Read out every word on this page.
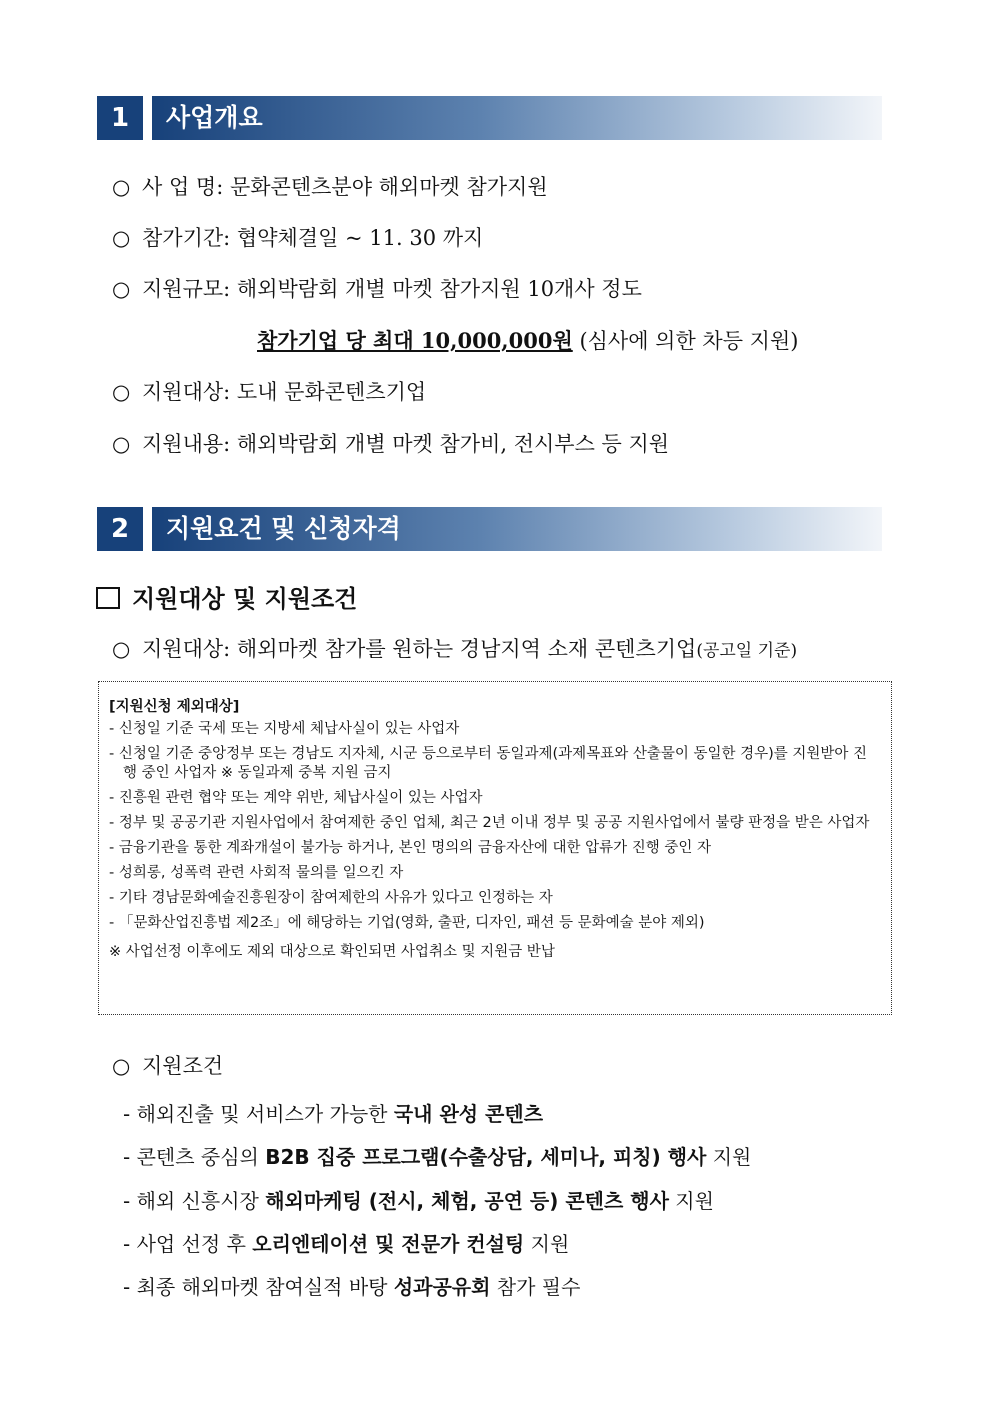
1	사업개요
○ 사 업 명: 문화콘텐츠분야 해외마켓 참가지원
○ 참가기간: 협약체결일 ~ 11. 30 까지
○ 지원규모: 해외박람회 개별 마켓 참가지원 10개사 정도
참가기업 당 최대 10,000,000원 (심사에 의한 차등 지원)
○ 지원대상: 도내 문화콘텐츠기업
○ 지원내용: 해외박람회 개별 마켓 참가비, 전시부스 등 지원
2	지원요건 및 신청자격
지원대상 및 지원조건
○ 지원대상: 해외마켓 참가를 원하는 경남지역 소재 콘텐츠기업(공고일 기준)
[지원신청 제외대상]
- 신청일 기준 국세 또는 지방세 체납사실이 있는 사업자
- 신청일 기준 중앙정부 또는 경남도 지자체, 시군 등으로부터 동일과제(과제목표와 산출물이 동일한 경우)를 지원받아 진행 중인 사업자 ※ 동일과제 중복 지원 금지
- 진흥원 관련 협약 또는 계약 위반, 체납사실이 있는 사업자
- 정부 및 공공기관 지원사업에서 참여제한 중인 업체, 최근 2년 이내 정부 및 공공 지원사업에서 불량 판정을 받은 사업자
- 금융기관을 통한 계좌개설이 불가능 하거나, 본인 명의의 금융자산에 대한 압류가 진행 중인 자
- 성희롱, 성폭력 관련 사회적 물의를 일으킨 자
- 기타 경남문화예술진흥원장이 참여제한의 사유가 있다고 인정하는 자
- 「문화산업진흥법 제2조」에 해당하는 기업(영화, 출판, 디자인, 패션 등 문화예술 분야 제외)
※ 사업선정 이후에도 제외 대상으로 확인되면 사업취소 및 지원금 반납
○ 지원조건
- 해외진출 및 서비스가 가능한 국내 완성 콘텐츠
- 콘텐츠 중심의 B2B 집중 프로그램(수출상담, 세미나, 피칭) 행사 지원
- 해외 신흥시장 해외마케팅 (전시, 체험, 공연 등) 콘텐츠 행사 지원
- 사업 선정 후 오리엔테이션 및 전문가 컨설팅 지원
- 최종 해외마켓 참여실적 바탕 성과공유회 참가 필수
